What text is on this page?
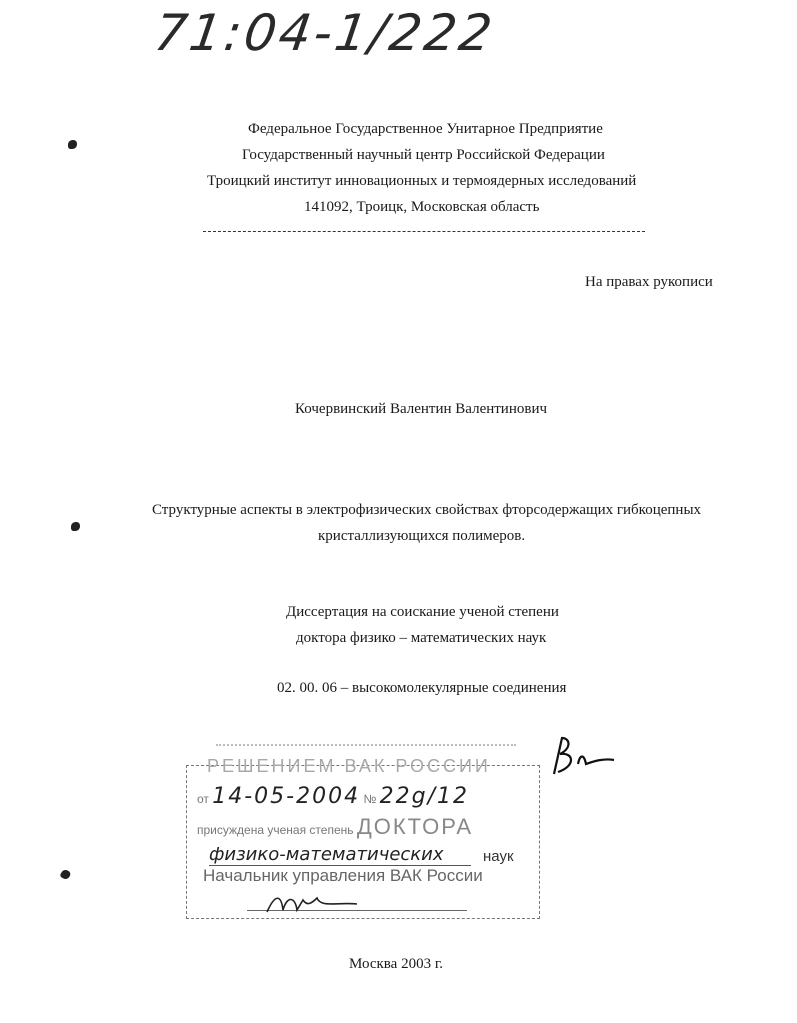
71:04-1/222
Федеральное Государственное Унитарное Предприятие
Государственный научный центр Российской Федерации
Троицкий институт инновационных и термоядерных исследований
141092, Троицк, Московская область
На правах рукописи
Кочервинский Валентин Валентинович
Структурные аспекты в электрофизических свойствах фторсодержащих гибкоцепных
кристаллизующихся полимеров.
Диссертация на соискание ученой степени
доктора физико – математических наук
02. 00. 06 – высокомолекулярные соединения
РЕШЕНИЕМ ВАК РОССИИ
от 14-05-2004 № 22g/12
присуждена ученая степень ДОКТОРА
физико-математических	наук
Начальник управления ВАК России
Москва 2003 г.
